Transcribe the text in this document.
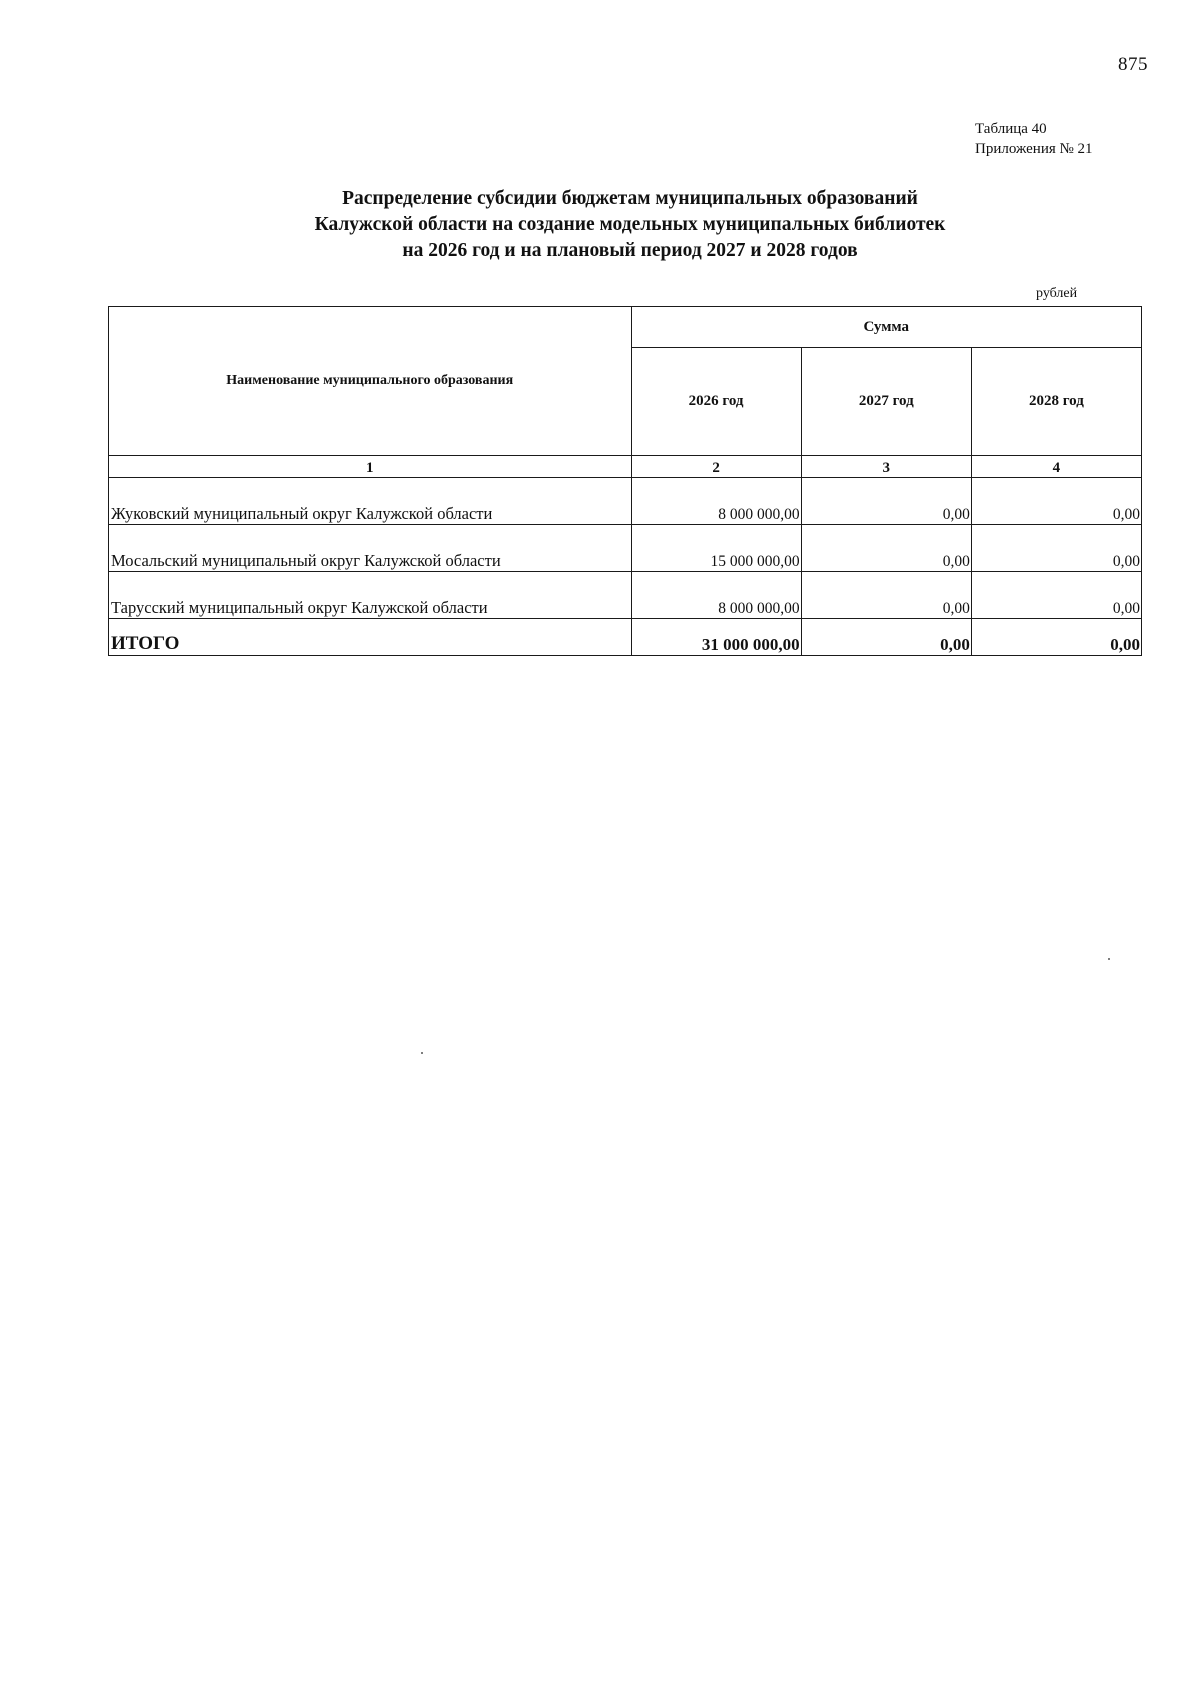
875
Таблица 40
Приложения № 21
Распределение субсидии бюджетам муниципальных образований
Калужской области на создание модельных муниципальных библиотек
на 2026 год и на плановый период 2027 и 2028 годов
рублей
Наименование муниципального образования	Сумма		
	2026 год	2027 год	2028 год
1	2	3	4
Жуковский муниципальный округ Калужской области	8 000 000,00	0,00	0,00
Мосальский муниципальный округ Калужской области	15 000 000,00	0,00	0,00
Тарусский муниципальный округ Калужской области	8 000 000,00	0,00	0,00
ИТОГО	31 000 000,00	0,00	0,00
